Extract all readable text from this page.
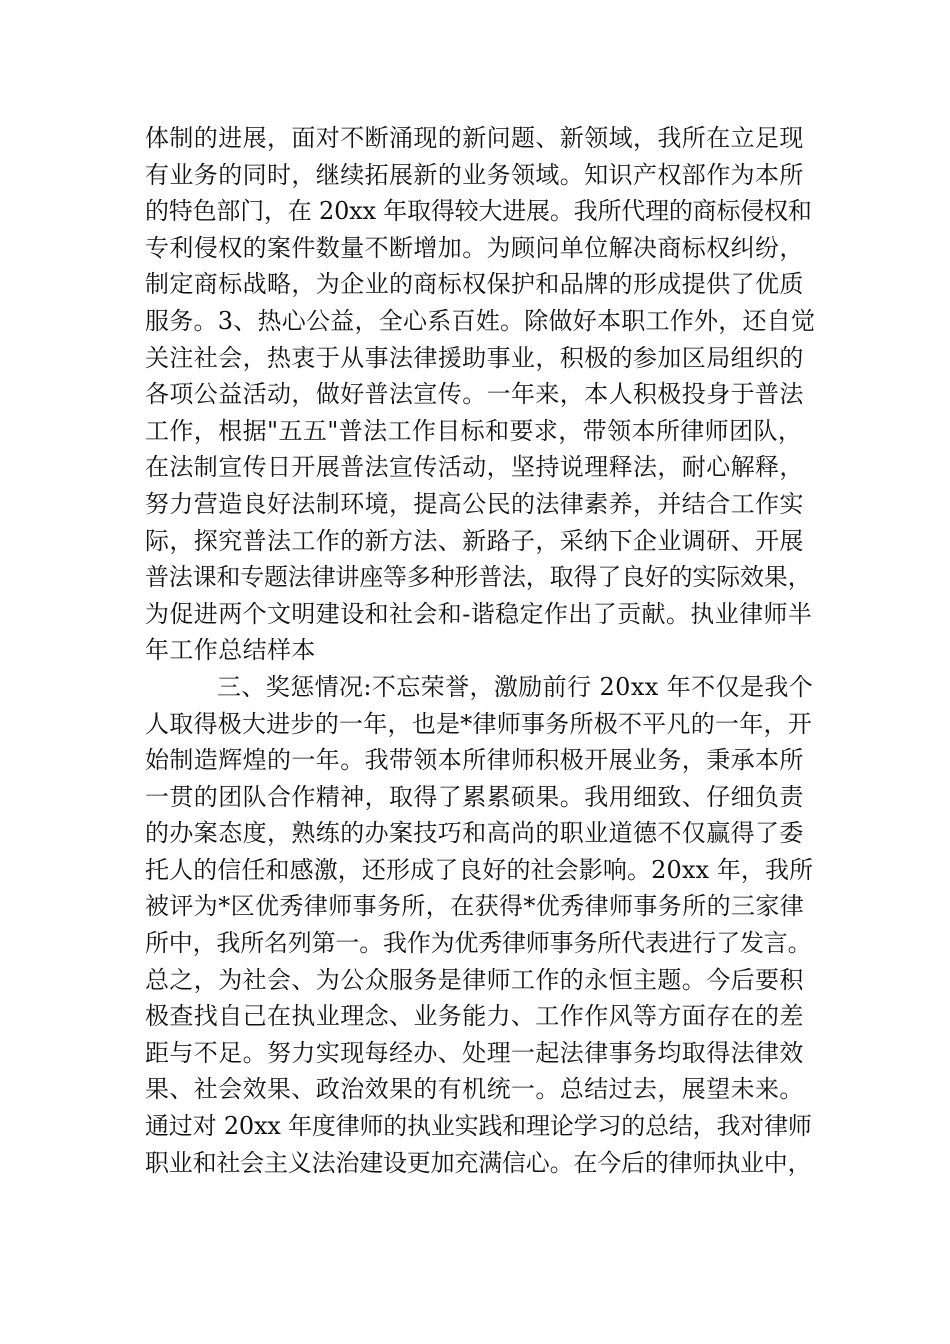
体制的进展，面对不断涌现的新问题、新领域，我所在立足现
有业务的同时，继续拓展新的业务领域。知识产权部作为本所
的特色部门，在 20xx 年取得较大进展。我所代理的商标侵权和
专利侵权的案件数量不断增加。为顾问单位解决商标权纠纷，
制定商标战略，为企业的商标权保护和品牌的形成提供了优质
服务。3、热心公益，全心系百姓。除做好本职工作外，还自觉
关注社会，热衷于从事法律援助事业，积极的参加区局组织的
各项公益活动，做好普法宣传。一年来，本人积极投身于普法
工作，根据"五五"普法工作目标和要求，带领本所律师团队，
在法制宣传日开展普法宣传活动，坚持说理释法，耐心解释，
努力营造良好法制环境，提高公民的法律素养，并结合工作实
际，探究普法工作的新方法、新路子，采纳下企业调研、开展
普法课和专题法律讲座等多种形普法，取得了良好的实际效果，
为促进两个文明建设和社会和-谐稳定作出了贡献。执业律师半
年工作总结样本
三、奖惩情况:不忘荣誉，激励前行 20xx 年不仅是我个
人取得极大进步的一年，也是*律师事务所极不平凡的一年，开
始制造辉煌的一年。我带领本所律师积极开展业务，秉承本所
一贯的团队合作精神，取得了累累硕果。我用细致、仔细负责
的办案态度，熟练的办案技巧和高尚的职业道德不仅赢得了委
托人的信任和感激，还形成了良好的社会影响。20xx 年，我所
被评为*区优秀律师事务所，在获得*优秀律师事务所的三家律
所中，我所名列第一。我作为优秀律师事务所代表进行了发言。
总之，为社会、为公众服务是律师工作的永恒主题。今后要积
极查找自己在执业理念、业务能力、工作作风等方面存在的差
距与不足。努力实现每经办、处理一起法律事务均取得法律效
果、社会效果、政治效果的有机统一。总结过去，展望未来。
通过对 20xx 年度律师的执业实践和理论学习的总结，我对律师
职业和社会主义法治建设更加充满信心。在今后的律师执业中，
